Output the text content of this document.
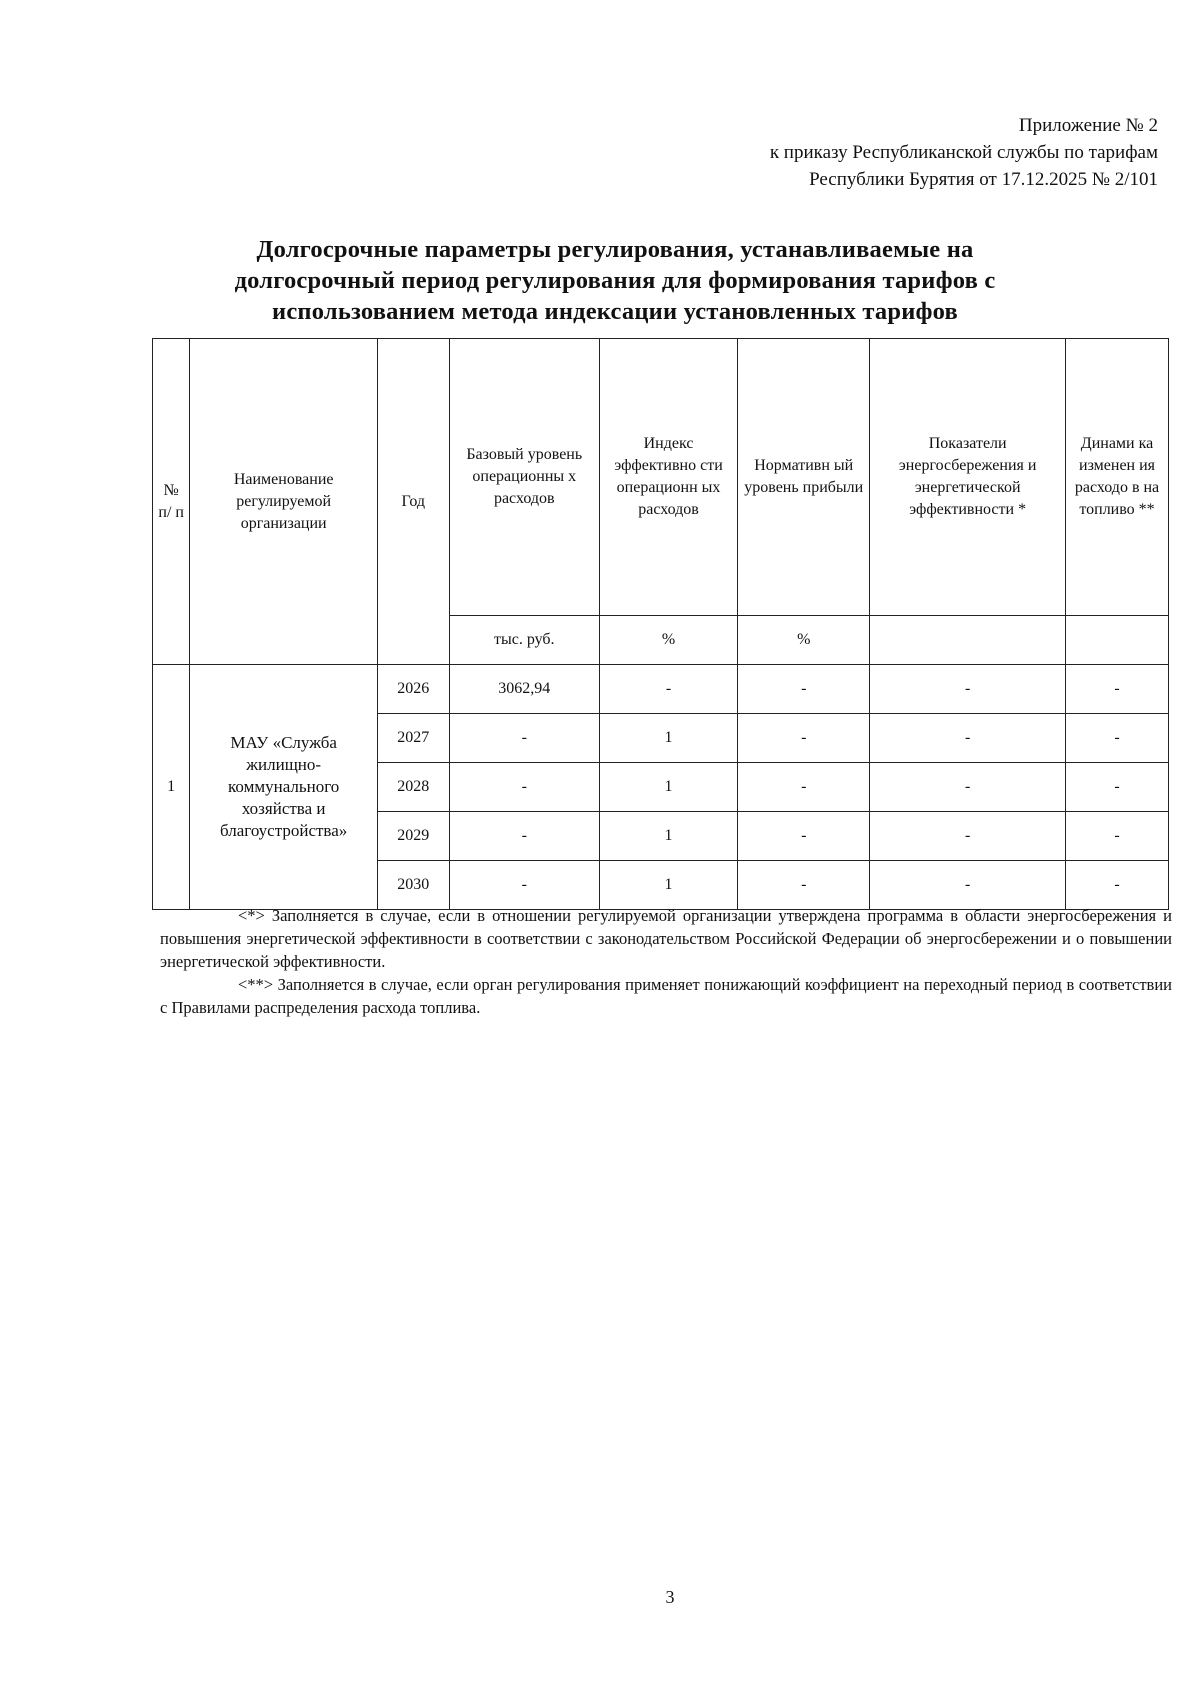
Приложение № 2
к приказу Республиканской службы по тарифам
Республики Бурятия от 17.12.2025 № 2/101
Долгосрочные параметры регулирования, устанавливаемые на
долгосрочный период регулирования для формирования тарифов с
использованием метода индексации установленных тарифов
№ п/ п	Наименование регулируемой организации	Год	Базовый уровень операционны х расходов	Индекс эффективно сти операционн ых расходов	Нормативн ый уровень прибыли	Показатели энергосбережения и энергетической эффективности *	Динами ка изменен ия расходо в на топливо **
			тыс. руб.	%	%		
1	МАУ «Служба жилищно-коммунального хозяйства и благоустройства»	2026	3062,94	-	-	-	-
		2027	-	1	-	-	-
		2028	-	1	-	-	-
		2029	-	1	-	-	-
		2030	-	1	-	-	-

<*> Заполняется в случае, если в отношении регулируемой организации утверждена программа в области энергосбережения и повышения энергетической эффективности в соответствии с законодательством Российской Федерации об энергосбережении и о повышении энергетической эффективности.

<**> Заполняется в случае, если орган регулирования применяет понижающий коэффициент на переходный период в соответствии с Правилами распределения расхода топлива.

3
